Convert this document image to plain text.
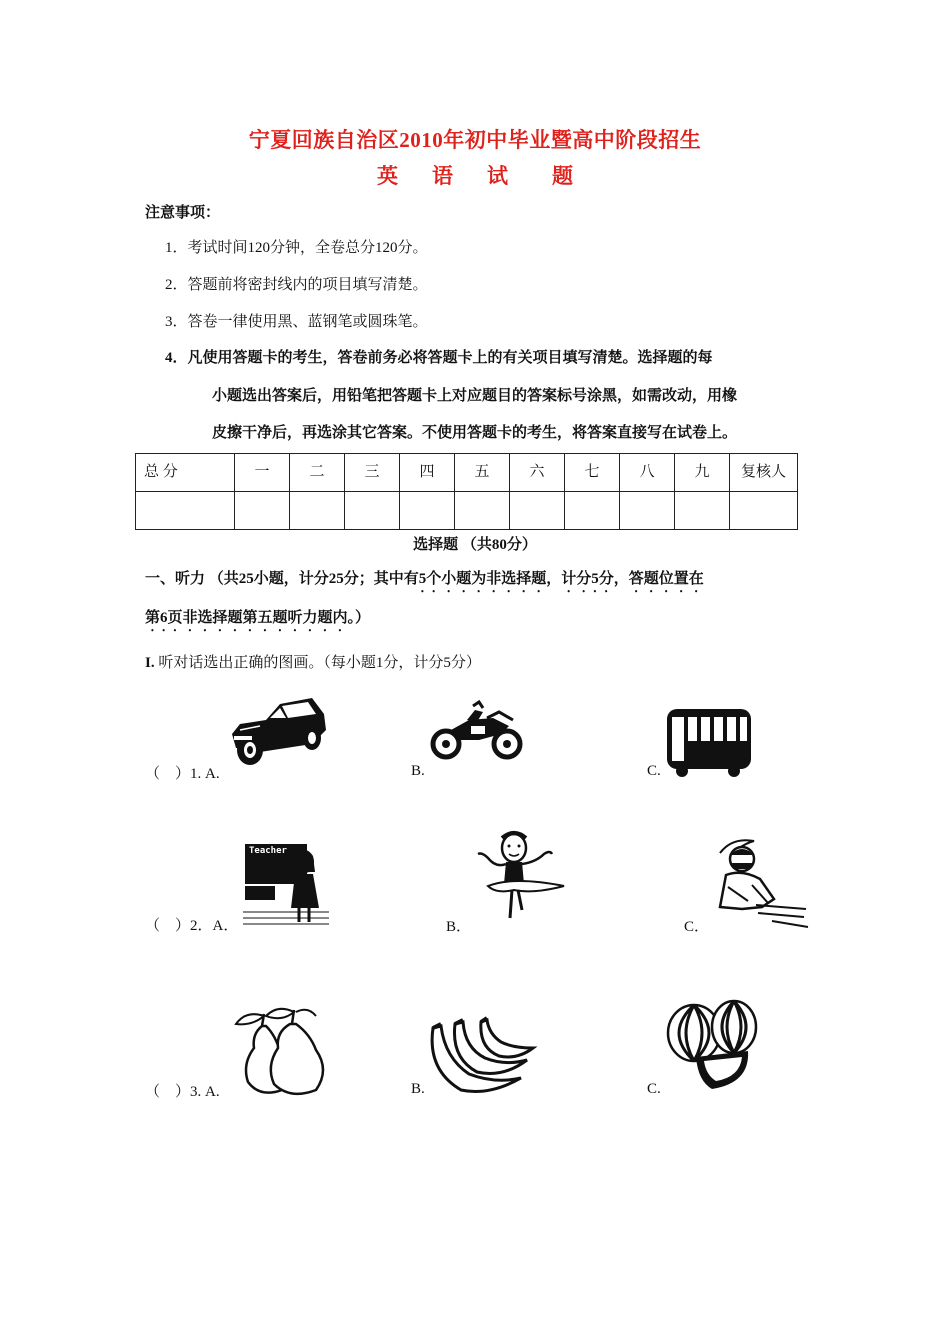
宁夏回族自治区2010年初中毕业暨高中阶段招生
英 语 试 题
注意事项：
1．考试时间120分钟，全卷总分120分。
2．答题前将密封线内的项目填写清楚。
3．答卷一律使用黑、蓝钢笔或圆珠笔。
4．凡使用答题卡的考生，答卷前务必将答题卡上的有关项目填写清楚。选择题的每
小题选出答案后，用铅笔把答题卡上对应题目的答案标号涂黑，如需改动，用橡
皮擦干净后，再选涂其它答案。不使用答题卡的考生，将答案直接写在试卷上。
总 分	一	二	三	四	五	六	七	八	九	复核人

选择题 （共80分）
一、听力 （共25小题，计分25分；其中有5个小题为非选择题，计分5分，答题位置在
第6页非选择题第五题听力题内。）
I. 听对话选出正确的图画。（每小题1分，计分5分）
（　）1. A.	B.	C.
（　）2．A．	B．	C．
Teacher
（　）3. A.	B.	C.
